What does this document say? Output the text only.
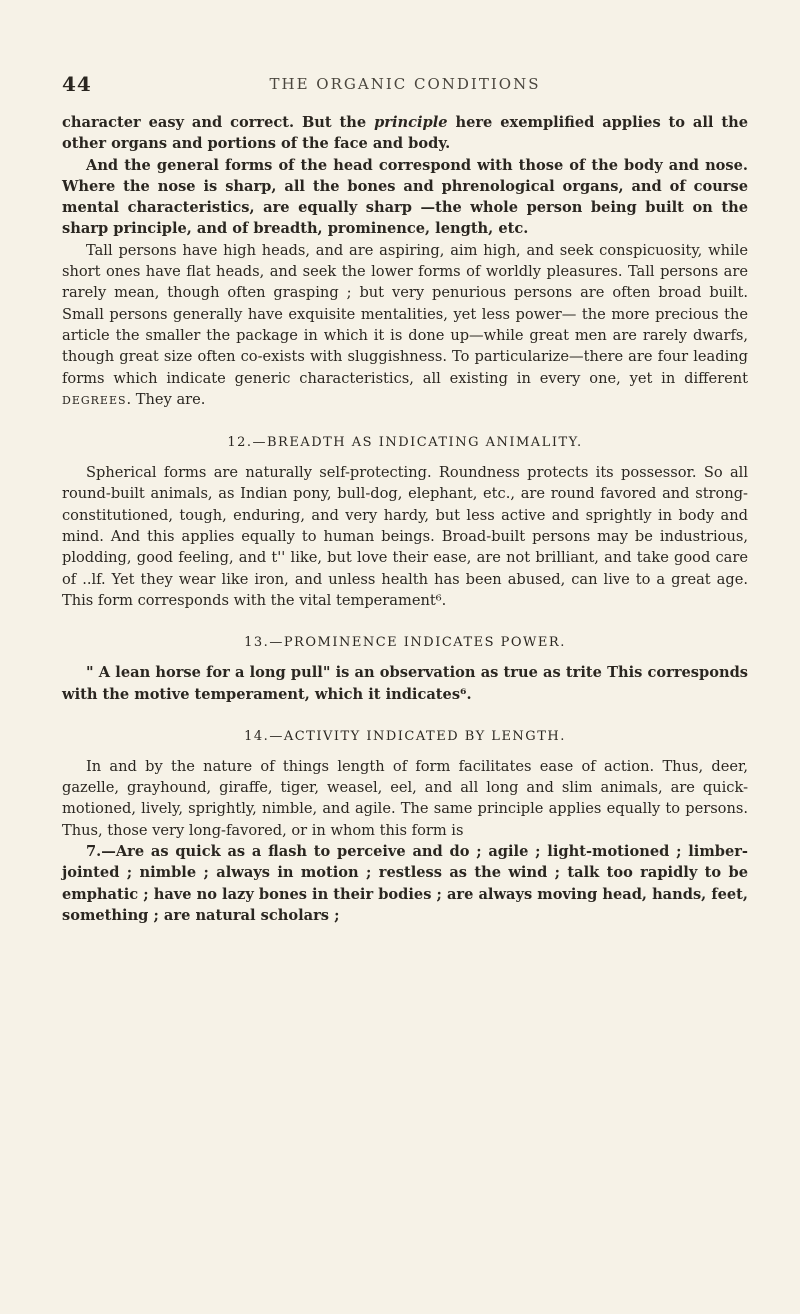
44	THE ORGANIC CONDITIONS

character easy and correct. But the principle here exemplified applies to all the other organs and portions of the face and body.

And the general forms of the head correspond with those of the body and nose. Where the nose is sharp, all the bones and phrenological organs, and of course mental characteristics, are equally sharp —the whole person being built on the sharp principle, and of breadth, prominence, length, etc.

Tall persons have high heads, and are aspiring, aim high, and seek conspicuosity, while short ones have flat heads, and seek the lower forms of worldly pleasures. Tall persons are rarely mean, though often grasping ; but very penurious persons are often broad built. Small persons generally have exquisite mentalities, yet less power— the more precious the article the smaller the package in which it is done up—while great men are rarely dwarfs, though great size often co-exists with sluggishness. To particularize—there are four leading forms which indicate generic characteristics, all existing in every one, yet in different DEGREES. They are.

12.—BREADTH AS INDICATING ANIMALITY.

Spherical forms are naturally self-protecting. Roundness protects its possessor. So all round-built animals, as Indian pony, bull-dog, elephant, etc., are round favored and strong-constitutioned, tough, enduring, and very hardy, but less active and sprightly in body and mind. And this applies equally to human beings. Broad-built persons may be industrious, plodding, good feeling, and t'' like, but love their ease, are not brilliant, and take good care of ..lf. Yet they wear like iron, and unless health has been abused, can live to a great age. This form corresponds with the vital temperament⁶.

13.—PROMINENCE INDICATES POWER.

" A lean horse for a long pull" is an observation as true as trite This corresponds with the motive temperament, which it indicates⁶.

14.—ACTIVITY INDICATED BY LENGTH.

In and by the nature of things length of form facilitates ease of action. Thus, deer, gazelle, grayhound, giraffe, tiger, weasel, eel, and all long and slim animals, are quick-motioned, lively, sprightly, nimble, and agile. The same principle applies equally to persons. Thus, those very long-favored, or in whom this form is

7.—Are as quick as a flash to perceive and do ; agile ; light-motioned ; limber-jointed ; nimble ; always in motion ; restless as the wind ; talk too rapidly to be emphatic ; have no lazy bones in their bodies ; are always moving head, hands, feet, something ; are natural scholars ;
